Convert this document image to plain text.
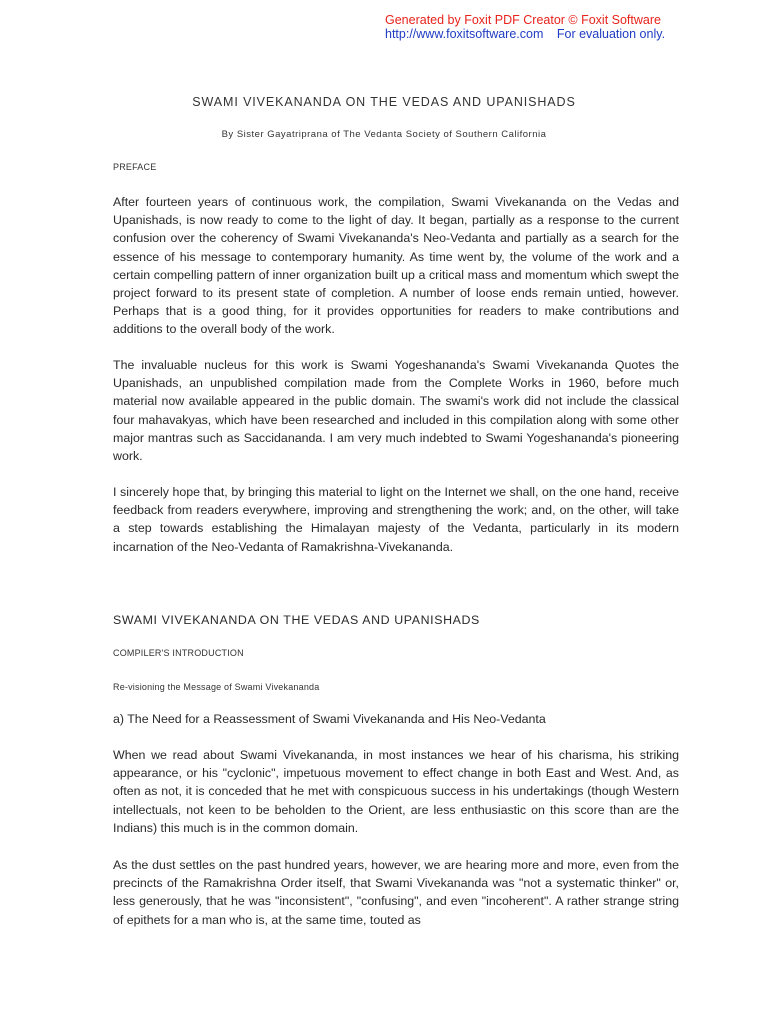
Generated by Foxit PDF Creator © Foxit Software
http://www.foxitsoftware.com For evaluation only.
SWAMI VIVEKANANDA ON THE VEDAS AND UPANISHADS
By Sister Gayatriprana of The Vedanta Society of Southern California
PREFACE

After fourteen years of continuous work, the compilation, Swami Vivekananda on the Vedas and Upanishads, is now ready to come to the light of day. It began, partially as a response to the current confusion over the coherency of Swami Vivekananda's Neo-Vedanta and partially as a search for the essence of his message to contemporary humanity. As time went by, the volume of the work and a certain compelling pattern of inner organization built up a critical mass and momentum which swept the project forward to its present state of completion. A number of loose ends remain untied, however. Perhaps that is a good thing, for it provides opportunities for readers to make contributions and additions to the overall body of the work.

The invaluable nucleus for this work is Swami Yogeshananda's Swami Vivekananda Quotes the Upanishads, an unpublished compilation made from the Complete Works in 1960, before much material now available appeared in the public domain. The swami's work did not include the classical four mahavakyas, which have been researched and included in this compilation along with some other major mantras such as Saccidananda. I am very much indebted to Swami Yogeshananda's pioneering work.

I sincerely hope that, by bringing this material to light on the Internet we shall, on the one hand, receive feedback from readers everywhere, improving and strengthening the work; and, on the other, will take a step towards establishing the Himalayan majesty of the Vedanta, particularly in its modern incarnation of the Neo-Vedanta of Ramakrishna-Vivekananda.

SWAMI VIVEKANANDA ON THE VEDAS AND UPANISHADS
COMPILER'S INTRODUCTION
Re-visioning the Message of Swami Vivekananda
a) The Need for a Reassessment of Swami Vivekananda and His Neo-Vedanta

When we read about Swami Vivekananda, in most instances we hear of his charisma, his striking appearance, or his "cyclonic", impetuous movement to effect change in both East and West. And, as often as not, it is conceded that he met with conspicuous success in his undertakings (though Western intellectuals, not keen to be beholden to the Orient, are less enthusiastic on this score than are the Indians) this much is in the common domain.

As the dust settles on the past hundred years, however, we are hearing more and more, even from the precincts of the Ramakrishna Order itself, that Swami Vivekananda was "not a systematic thinker" or, less generously, that he was "inconsistent", "confusing", and even "incoherent". A rather strange string of epithets for a man who is, at the same time, touted as
